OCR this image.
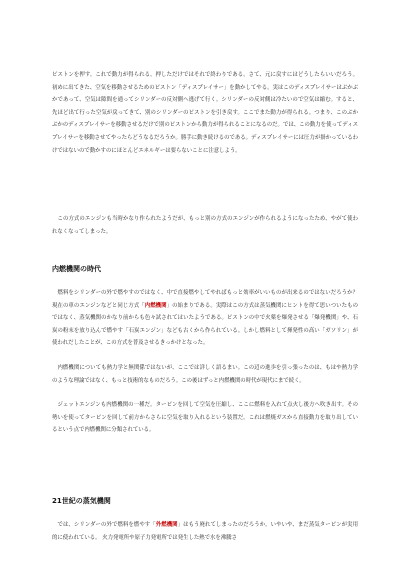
ピストンを押す。これで動力が得られる。押しただけではそれで終わりである。さて、元に戻すにはどうしたらいいだろう。初めに出てきた、空気を移動させるためのピストン「ディスプレイサー」を動かしてやる。実はこのディスプレイサーはぶかぶかであって、空気は隙間を通ってシリンダーの反対側へ逃げて行く。シリンダーの反対側は冷たいので空気は縮む。すると、先ほど出て行った空気が戻ってきて、別のシリンダーのピストンを引き戻す。ここでまた動力が得られる。つまり、このぶかぶかのディスプレイサーを移動させるだけで別のピストンから動力が得られることになるのだ。では、この動力を使ってディスプレイサーを移動させてやったらどうなるだろうか。勝手に動き続けるのである。ディスプレイサーには圧力が掛かっているわけではないので動かすのにほとんどエネルギーは要らないことに注意しよう。

　この方式のエンジンも当時かなり作られたようだが、もっと別の方式のエンジンが作られるようになったため、やがて使われなくなってしまった。

内燃機関の時代

　燃料をシリンダーの外で燃やすのではなく、中で直接燃やしてやればもっと効率がいいものが出来るのではないだろうか？ 現在の車のエンジンなどと同じ方式「内燃機関」の始まりである。実際はこの方式は蒸気機関にヒントを得て思いついたものではなく、蒸気機関のかなり前からも色々試されてはいたようである。ピストンの中で火薬を爆発させる「爆発機関」や、石炭の粉末を放り込んで燃やす「石炭エンジン」なども古くから作られている。しかし燃料として揮発性の高い「ガソリン」が使われだしたことが、この方式を普及させるきっかけとなった。

　内燃機関についても熱力学と無関係ではないが、ここでは詳しく語るまい。この辺の進歩を引っ張ったのは、もはや熱力学のような理論ではなく、もっと技術的なものだろう。この後はずっと内燃機関の時代が現代にまで続く。

　ジェットエンジンも内燃機関の一種だ。タービンを回して空気を圧縮し、ここに燃料を入れて点火し後方へ吹き出す。その勢いを使ってタービンを回して前方からさらに空気を取り入れるという装置だ。これは燃焼ガスから直接動力を取り出しているという点で内燃機関に分類されている。

21世紀の蒸気機関

　では、シリンダーの外で燃料を燃やす「外燃機関」はもう廃れてしまったのだろうか。いやいや、まだ蒸気タービンが実用的に使われている。 火力発電所や原子力発電所では発生した熱で水を沸騰さ
